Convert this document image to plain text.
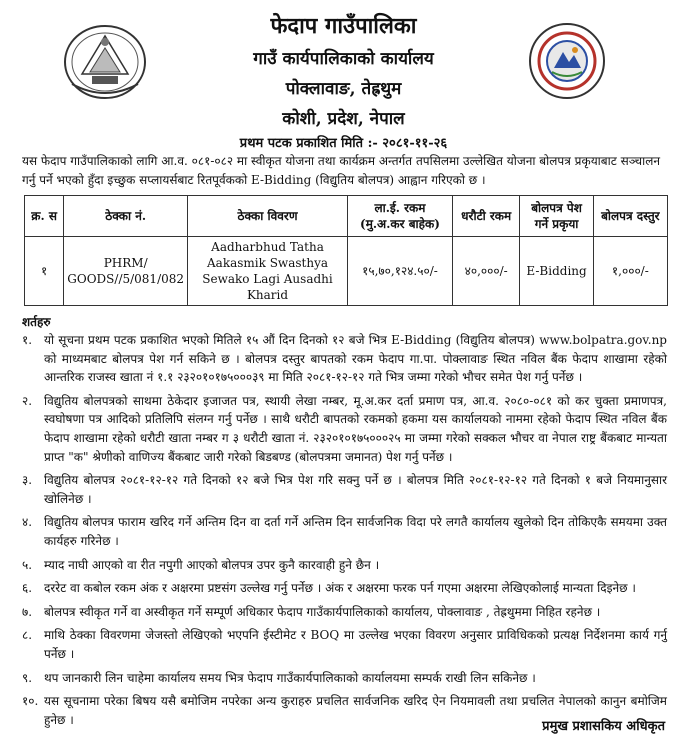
फेदाप गाउँपालिका
गाउँ कार्यपालिकाको कार्यालय
पोक्लावाङ, तेह्रथुम
कोशी, प्रदेश, नेपाल
प्रथम पटक प्रकाशित मिति :- २०८१-११-२६
यस फेदाप गाउँपालिकाको लागि आ.व. ०८१-०८२ मा स्वीकृत योजना तथा कार्यक्रम अन्तर्गत तपसिलमा उल्लेखित योजना बोलपत्र प्रकृयाबाट सञ्चालन गर्नु पर्ने भएको हुँदा इच्छुक सप्लायर्सबाट रितपूर्वकको E-Bidding (विद्युतिय बोलपत्र) आह्वान गरिएको छ ।
क्र. स	ठेक्का नं.	ठेक्का विवरण	ला.ई. रकम (मु.अ.कर बाहेक)	धरौटी रकम	बोलपत्र पेश गर्ने प्रकृया	बोलपत्र दस्तुर
१	PHRM/ GOODS//5/081/082	Aadharbhud Tatha Aakasmik Swasthya Sewako Lagi Ausadhi Kharid	१५,७०,१२४.५०/-	४०,०००/-	E-Bidding	१,०००/-
शर्तहरु
१. यो सूचना प्रथम पटक प्रकाशित भएको मितिले १५ औं दिन दिनको १२ बजे भित्र E-Bidding (विद्युतिय बोलपत्र) www.bolpatra.gov.np को माध्यमबाट बोलपत्र पेश गर्न सकिने छ । बोलपत्र दस्तुर बापतको रकम फेदाप गा.पा. पोक्लावाङ स्थित नविल बैंक फेदाप शाखामा रहेको आन्तरिक राजस्व खाता नं १.१ २३२०१०१७५०००३९ मा मिति २०८१-१२-१२ गते भित्र जम्मा गरेको भौचर समेत पेश गर्नु पर्नेछ ।
२. विद्युतिय बोलपत्रको साथमा ठेकेदार इजाजत पत्र, स्थायी लेखा नम्बर, मू.अ.कर दर्ता प्रमाण पत्र, आ.व. २०८०-०८१ को कर चुक्ता प्रमाणपत्र, स्वघोषणा पत्र आदिको प्रतिलिपि संलग्न गर्नु पर्नेछ । साथै धरौटी बापतको रकमको हकमा यस कार्यालयको नाममा रहेको फेदाप स्थित नविल बैंक फेदाप शाखामा रहेको धरौटी खाता नम्बर ग ३ धरौटी खाता नं. २३२०१०१७५०००२५ मा जम्मा गरेको सक्कल भौचर वा नेपाल राष्ट्र बैंकबाट मान्यता प्राप्त "क" श्रेणीको वाणिज्य बैंकबाट जारी गरेको बिडबण्ड (बोलपत्रमा जमानत) पेश गर्नु पर्नेछ ।
३. विद्युतिय बोलपत्र २०८१-१२-१२ गते दिनको १२ बजे भित्र पेश गरि सक्नु पर्ने छ । बोलपत्र मिति २०८१-१२-१२ गते दिनको १ बजे नियमानुसार खोलिनेछ ।
४. विद्युतिय बोलपत्र फाराम खरिद गर्ने अन्तिम दिन वा दर्ता गर्ने अन्तिम दिन सार्वजनिक विदा परे लगतै कार्यालय खुलेको दिन तोकिएकै समयमा उक्त कार्यहरु गरिनेछ ।
५. म्याद नाघी आएको वा रीत नपुगी आएको बोलपत्र उपर कुनै कारवाही हुने छैन ।
६. दररेट वा कबोल रकम अंक र अक्षरमा प्रष्टसंग उल्लेख गर्नु पर्नेछ । अंक र अक्षरमा फरक पर्न गएमा अक्षरमा लेखिएकोलाई मान्यता दिइनेछ ।
७. बोलपत्र स्वीकृत गर्ने वा अस्वीकृत गर्ने सम्पूर्ण अधिकार फेदाप गाउँकार्यपालिकाको कार्यालय, पोक्लावाङ , तेह्रथुममा निहित रहनेछ ।
८. माथि ठेक्का विवरणमा जेजस्तो लेखिएको भएपनि ईस्टीमेट र BOQ मा उल्लेख भएका विवरण अनुसार प्राविधिकको प्रत्यक्ष निर्देशनमा कार्य गर्नु पर्नेछ ।
९. थप जानकारी लिन चाहेमा कार्यालय समय भित्र फेदाप गाउँकार्यपालिकाको कार्यालयमा सम्पर्क राखी लिन सकिनेछ ।
१०. यस सूचनामा परेका बिषय यसै बमोजिम नपरेका अन्य कुराहरु प्रचलित सार्वजनिक खरिद ऐन नियमावली तथा प्रचलित नेपालको कानुन बमोजिम हुनेछ ।	प्रमुख प्रशासकिय अधिकृत
